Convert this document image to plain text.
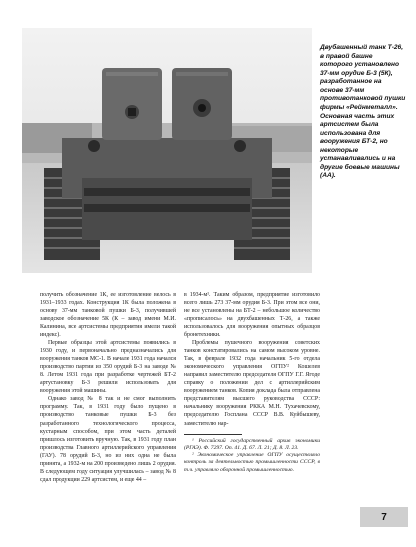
Двубашенный танк Т-26, в правой башне которого установлено 37-мм орудие Б-3 (5К), разработанное на основе 37-мм противотанковой пушки фирмы «Рейнметалл». Основная часть этих артсистем была использована для вооружения БТ-2, но некоторые устанавливались и на другие боевые машины (АА).

получить обозначение 1К, ее изготовление велось в 1931–1933 годах. Конструкция 1К была положена в основу 37-мм танковой пушки Б-3, получившей заводское обозначение 5К (К – завод имени М.И. Калинина, все артсистемы предприятия имели такой индекс).

Первые образцы этой артсистемы появились в 1930 году, и первоначально предназначались для вооружения танков МС-1. В начале 1931 года начался производство партии из 350 орудий Б-3 на заводе № 8. Летом 1931 года при разработке чертежей БТ-2 артустановку Б-3 решили использовать для вооружения этой машины.

Однако завод № 8 так и не смог выполнить программу. Так, в 1931 году было пущено в производство танковые пушки Б-3 без разработанного технологического процесса, кустарным способом, при этом часть деталей пришлось изготовить вручную. Так, в 1931 году план производства Главного артиллерийского управления (ГАУ). 78 орудий Б-3, но из них одна не была принята, а 1932-м на 200 произведено лишь 2 орудия. В следующем году ситуация улучшилась – завод № 8 сдал продукции 229 артсистем, и еще 44 –

в 1934-м¹. Таким образом, предприятие изготовило всего лишь 273 37-мм орудия Б-3. При этом все они, не все установлены на БТ-2 – небольшое количество «прописалось» на двухбашенных Т-26, а также использовалось для вооружения опытных образцов бронетехники.

Проблемы пушечного вооружения советских танков констатировались на самом высоком уровне. Так, в феврале 1932 года начальник 5-го отдела экономического управления ОГПУ² Кошелев направил заместителю председателя ОГПУ Г.Г. Ягоде справку о положении дел с артиллерийским вооружением танков. Копия доклада была отправлена представителям высшего руководства СССР: начальнику вооружения РККА М.Н. Тухачевскому, председателю Госплана СССР В.В. Куйбышеву, заместителю нар-

¹ Российский государственный архив экономики (РГАЭ). Ф. 7297. Оп. 41. Д. 67. Л. 21; Д. 8. Л. 23.

² Экономическое управление ОГПУ осуществляло контроль за деятельностью промышленности СССР, в т.ч. управляло оборонной промышленностью.

7
